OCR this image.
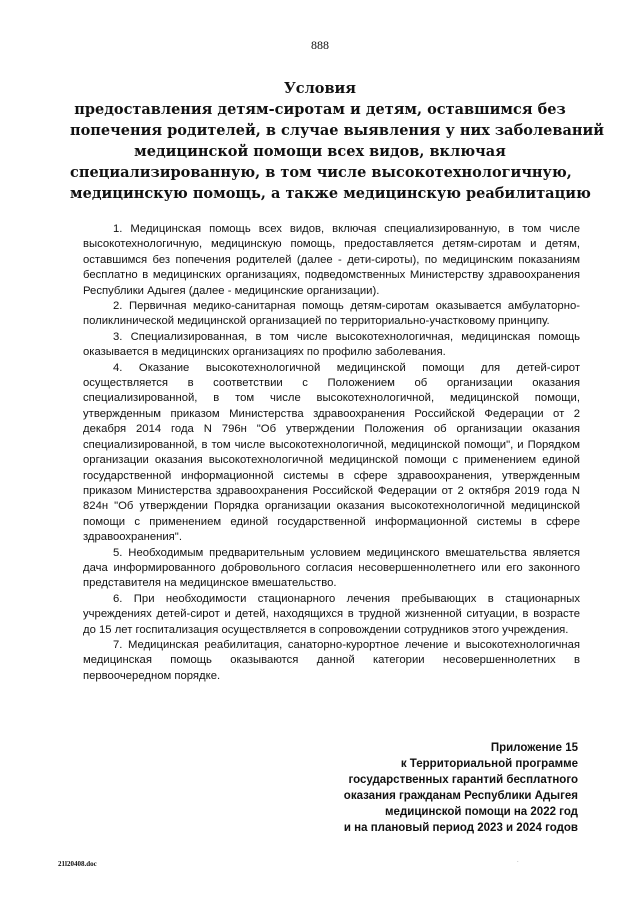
888
Условия
предоставления детям-сиротам и детям, оставшимся без
попечения родителей, в случае выявления у них заболеваний
медицинской помощи всех видов, включая
специализированную, в том числе высокотехнологичную,
медицинскую помощь, а также медицинскую реабилитацию

1. Медицинская помощь всех видов, включая специализированную, в том числе высокотехнологичную, медицинскую помощь, предоставляется детям-сиротам и детям, оставшимся без попечения родителей (далее - дети-сироты), по медицинским показаниям бесплатно в медицинских организациях, подведомственных Министерству здравоохранения Республики Адыгея (далее - медицинские организации).

2. Первичная медико-санитарная помощь детям-сиротам оказывается амбулаторно-поликлинической медицинской организацией по территориально-участковому принципу.

3. Специализированная, в том числе высокотехнологичная, медицинская помощь оказывается в медицинских организациях по профилю заболевания.

4. Оказание высокотехнологичной медицинской помощи для детей-сирот осуществляется в соответствии с Положением об организации оказания специализированной, в том числе высокотехнологичной, медицинской помощи, утвержденным приказом Министерства здравоохранения Российской Федерации от 2 декабря 2014 года N 796н "Об утверждении Положения об организации оказания специализированной, в том числе высокотехнологичной, медицинской помощи", и Порядком организации оказания высокотехнологичной медицинской помощи с применением единой государственной информационной системы в сфере здравоохранения, утвержденным приказом Министерства здравоохранения Российской Федерации от 2 октября 2019 года N 824н "Об утверждении Порядка организации оказания высокотехнологичной медицинской помощи с применением единой государственной информационной системы в сфере здравоохранения".

5. Необходимым предварительным условием медицинского вмешательства является дача информированного добровольного согласия несовершеннолетнего или его законного представителя на медицинское вмешательство.

6. При необходимости стационарного лечения пребывающих в стационарных учреждениях детей-сирот и детей, находящихся в трудной жизненной ситуации, в возрасте до 15 лет госпитализация осуществляется в сопровождении сотрудников этого учреждения.

7. Медицинская реабилитация, санаторно-курортное лечение и высокотехнологичная медицинская помощь оказываются данной категории несовершеннолетних в первоочередном порядке.

Приложение 15
к Территориальной программе
государственных гарантий бесплатного
оказания гражданам Республики Адыгея
медицинской помощи на 2022 год
и на плановый период 2023 и 2024 годов
21l20408.doc	.
